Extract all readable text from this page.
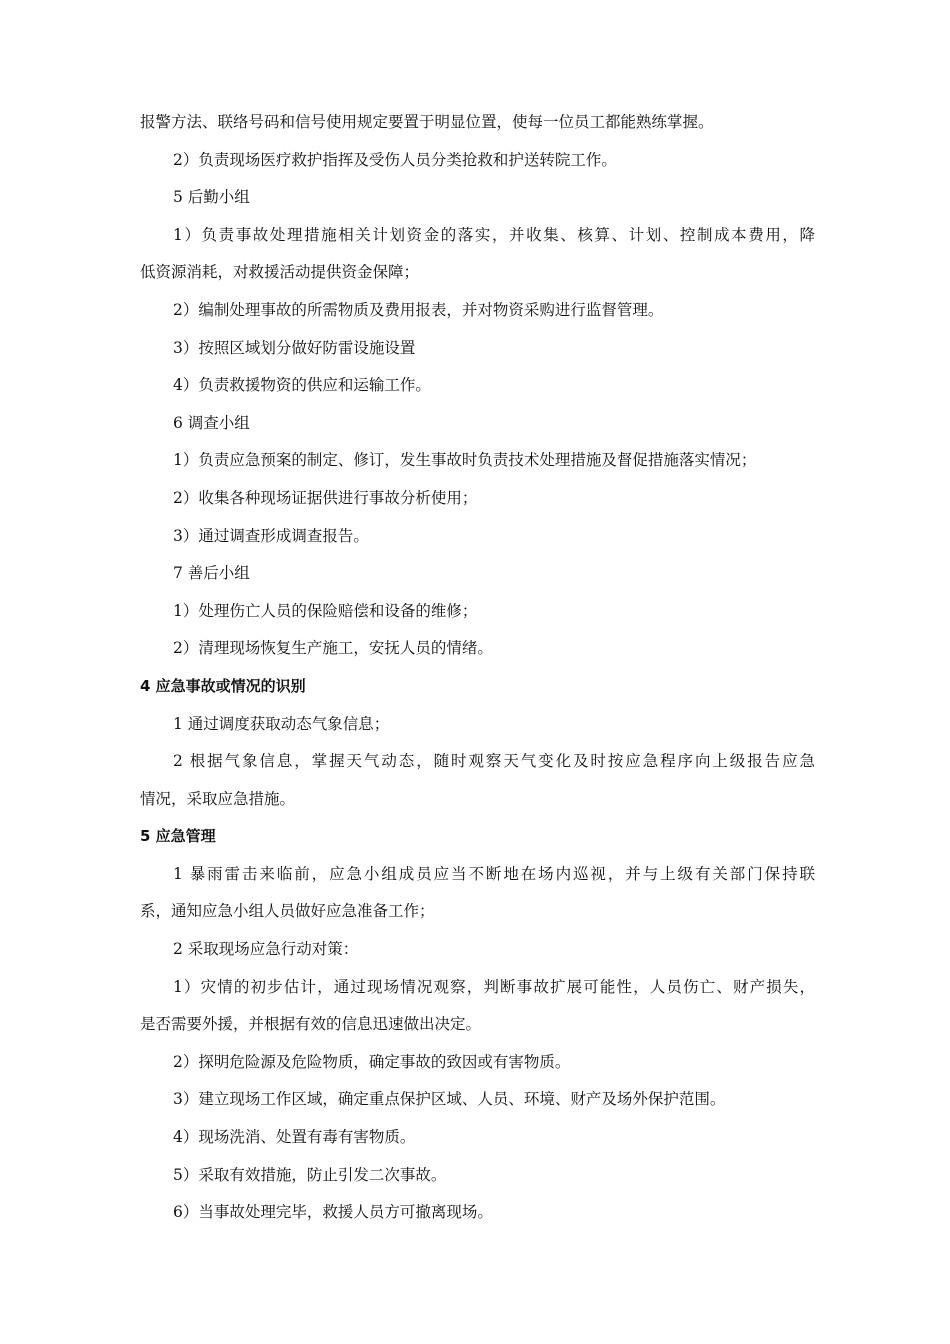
报警方法、联络号码和信号使用规定要置于明显位置，使每一位员工都能熟练掌握。
2）负责现场医疗救护指挥及受伤人员分类抢救和护送转院工作。
5 后勤小组
1）负责事故处理措施相关计划资金的落实，并收集、核算、计划、控制成本费用，降
低资源消耗，对救援活动提供资金保障；
2）编制处理事故的所需物质及费用报表，并对物资采购进行监督管理。
3）按照区域划分做好防雷设施设置
4）负责救援物资的供应和运输工作。
6 调查小组
1）负责应急预案的制定、修订，发生事故时负责技术处理措施及督促措施落实情况；
2）收集各种现场证据供进行事故分析使用；
3）通过调查形成调查报告。
7 善后小组
1）处理伤亡人员的保险赔偿和设备的维修；
2）清理现场恢复生产施工，安抚人员的情绪。
4 应急事故或情况的识别
1 通过调度获取动态气象信息；
2 根据气象信息，掌握天气动态，随时观察天气变化及时按应急程序向上级报告应急
情况，采取应急措施。
5 应急管理
1 暴雨雷击来临前，应急小组成员应当不断地在场内巡视，并与上级有关部门保持联
系，通知应急小组人员做好应急准备工作；
2 采取现场应急行动对策：
1）灾情的初步估计，通过现场情况观察，判断事故扩展可能性，人员伤亡、财产损失，
是否需要外援，并根据有效的信息迅速做出决定。
2）探明危险源及危险物质，确定事故的致因或有害物质。
3）建立现场工作区域，确定重点保护区域、人员、环境、财产及场外保护范围。
4）现场洗消、处置有毒有害物质。
5）采取有效措施，防止引发二次事故。
6）当事故处理完毕，救援人员方可撤离现场。
